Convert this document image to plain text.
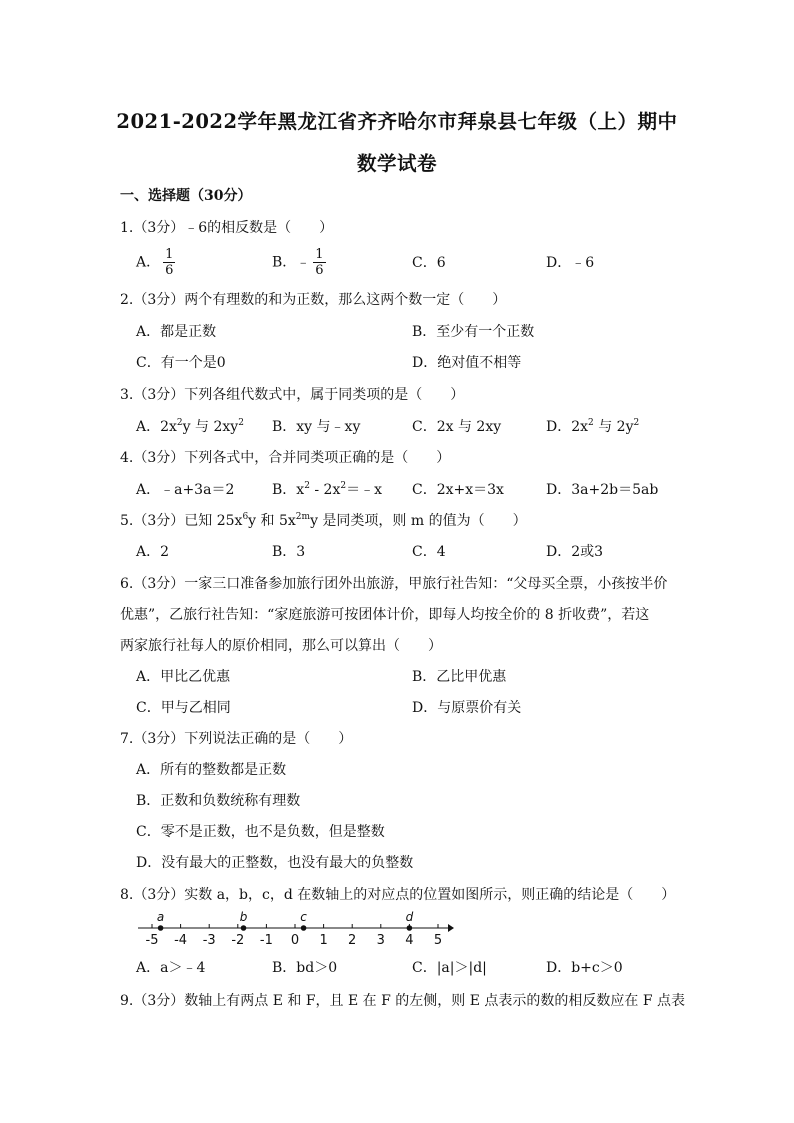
2021-2022学年黑龙江省齐齐哈尔市拜泉县七年级（上）期中
数学试卷
一、选择题（30分）
1.（3分）﹣6的相反数是（　　）
A． $\frac{1}{6}$	B．﹣ $\frac{1}{6}$	C．6	D．﹣6
2.（3分）两个有理数的和为正数，那么这两个数一定（　　）
A．都是正数	B．至少有一个正数
C．有一个是0	D．绝对值不相等
3.（3分）下列各组代数式中，属于同类项的是（　　）
A．$2x^2y$ 与 $2xy^2$ B．xy 与﹣xy	C．2x 与 2xy	D．$2x^2$ 与 $2y^2$
4.（3分）下列各式中，合并同类项正确的是（　　）
A．﹣a+3a＝2	B．$x^2$ - $2x^2=﹣x$ C．2x+x＝3x	D．3a+2b＝5ab
5.（3分）已知 $25x^6y$ 和 $5x^{2m}y$ 是同类项，则 m 的值为（　　）
A．2	B．3	C．4	D．2或3
6.（3分）一家三口准备参加旅行团外出旅游，甲旅行社告知：“父母买全票，小孩按半价
优惠”，乙旅行社告知：“家庭旅游可按团体计价，即每人均按全价的 8 折收费”，若这
两家旅行社每人的原价相同，那么可以算出（　　）
A．甲比乙优惠	B．乙比甲优惠
C．甲与乙相同	D．与原票价有关
7.（3分）下列说法正确的是（　　）
A．所有的整数都是正数
B．正数和负数统称有理数
C．零不是正数，也不是负数，但是整数
D．没有最大的正整数，也没有最大的负整数
8.（3分）实数 a，b，c，d 在数轴上的对应点的位置如图所示，则正确的结论是（　　）
-5 -4 -3 -2 -1 0 1 2 3 4 5
a	b	c	d
A．a＞﹣4	B．bd＞0	C．|a|＞|d|	D．b+c＞0
9.（3分）数轴上有两点 E 和 F，且 E 在 F 的左侧，则 E 点表示的数的相反数应在 F 点表
